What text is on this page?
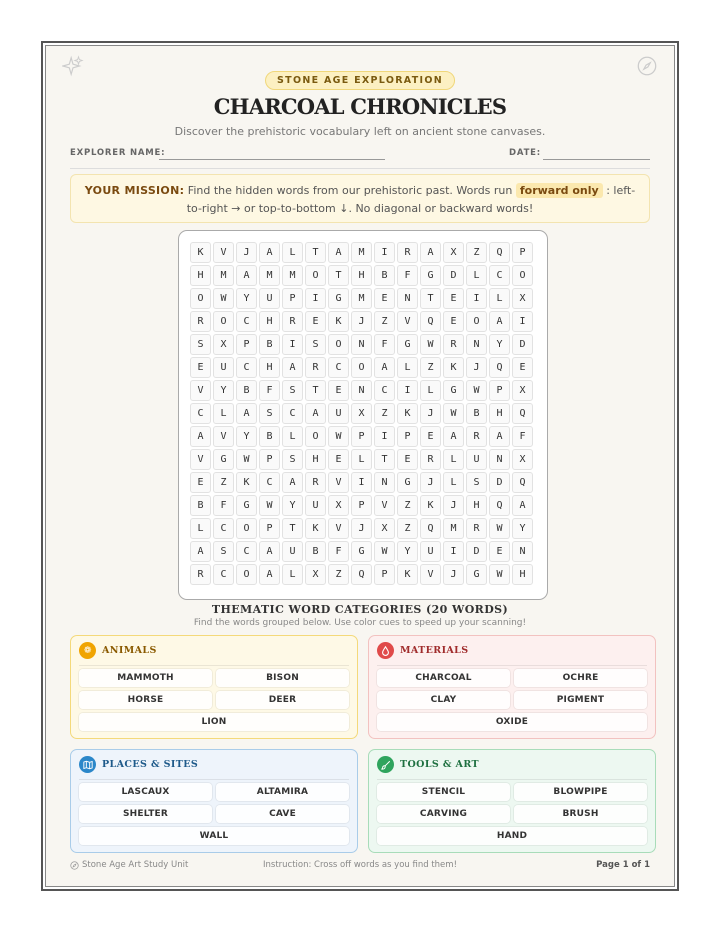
STONE AGE EXPLORATION
CHARCOAL CHRONICLES
Discover the prehistoric vocabulary left on ancient stone canvases.
EXPLORER NAME:	DATE:
YOUR MISSION: Find the hidden words from our prehistoric past. Words run forward only : left-to-right → or top-to-bottom ↓. No diagonal or backward words!
K	V	J	A	L	T	A	M	I	R	A	X	Z	Q	P
H	M	A	M	M	O	T	H	B	F	G	D	L	C	O
O	W	Y	U	P	I	G	M	E	N	T	E	I	L	X
R	O	C	H	R	E	K	J	Z	V	Q	E	O	A	I
S	X	P	B	I	S	O	N	F	G	W	R	N	Y	D
E	U	C	H	A	R	C	O	A	L	Z	K	J	Q	E
V	Y	B	F	S	T	E	N	C	I	L	G	W	P	X
C	L	A	S	C	A	U	X	Z	K	J	W	B	H	Q
A	V	Y	B	L	O	W	P	I	P	E	A	R	A	F
V	G	W	P	S	H	E	L	T	E	R	L	U	N	X
E	Z	K	C	A	R	V	I	N	G	J	L	S	D	Q
B	F	G	W	Y	U	X	P	V	Z	K	J	H	Q	A
L	C	O	P	T	K	V	J	X	Z	Q	M	R	W	Y
A	S	C	A	U	B	F	G	W	Y	U	I	D	E	N
R	C	O	A	L	X	Z	Q	P	K	V	J	G	W	H
THEMATIC WORD CATEGORIES (20 WORDS)
Find the words grouped below. Use color cues to speed up your scanning!
❁	ANIMALS
MAMMOTH	BISON
HORSE	DEER
LION
MATERIALS
CHARCOAL	OCHRE
CLAY	PIGMENT
OXIDE
PLACES & SITES
LASCAUX	ALTAMIRA
SHELTER	CAVE
WALL
TOOLS & ART
STENCIL	BLOWPIPE
CARVING	BRUSH
HAND
Stone Age Art Study Unit	Instruction: Cross off words as you find them!	Page 1 of 1
